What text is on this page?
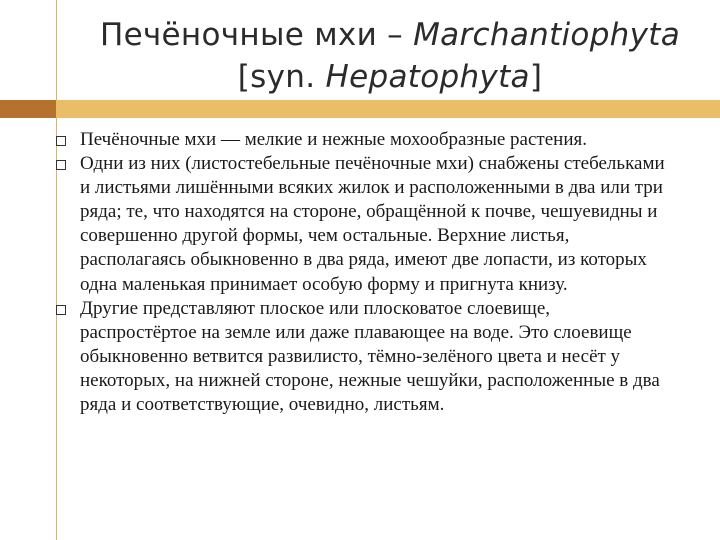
Печёночные мхи – Marchantiophyta
[syn. Hepatophyta]
Печёночные мхи — мелкие и нежные мохообразные растения.
Одни из них (листостебельные печёночные мхи) снабжены стебельками и листьями лишёнными всяких жилок и расположенными в два или три ряда; те, что находятся на стороне, обращённой к почве, чешуевидны и совершенно другой формы, чем остальные. Верхние листья, располагаясь обыкновенно в два ряда, имеют две лопасти, из которых одна маленькая принимает особую форму и пригнута книзу.
Другие представляют плоское или плосковатое слоевище, распростёртое на земле или даже плавающее на воде. Это слоевище обыкновенно ветвится развилисто, тёмно-зелёного цвета и несёт у некоторых, на нижней стороне, нежные чешуйки, расположенные в два ряда и соответствующие, очевидно, листьям.
